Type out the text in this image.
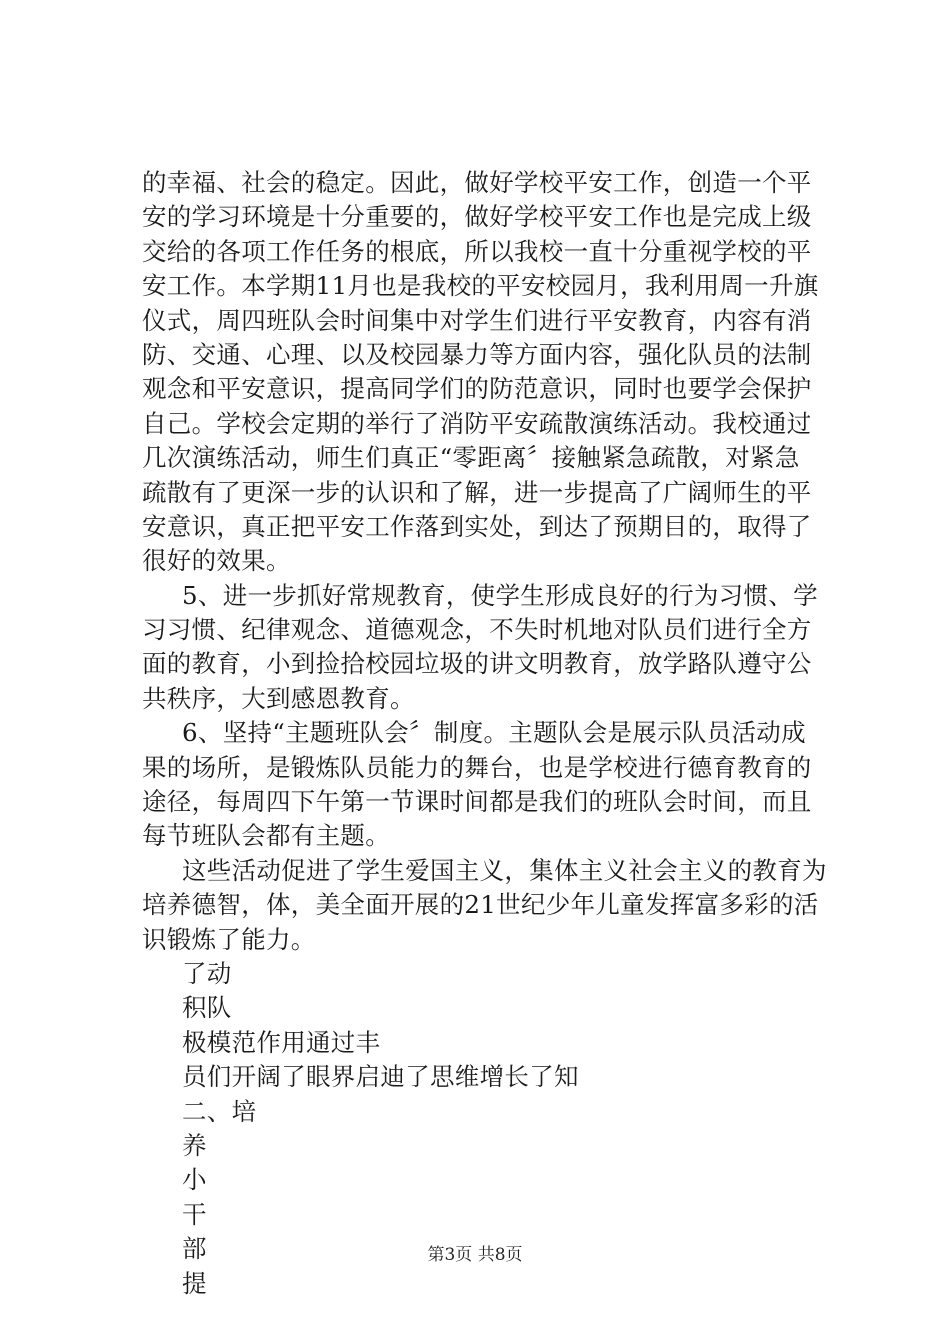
的幸福、社会的稳定。因此，做好学校平安工作，创造一个平
安的学习环境是十分重要的，做好学校平安工作也是完成上级
交给的各项工作任务的根底，所以我校一直十分重视学校的平
安工作。本学期11月也是我校的平安校园月，我利用周一升旗
仪式，周四班队会时间集中对学生们进行平安教育，内容有消
防、交通、心理、以及校园暴力等方面内容，强化队员的法制
观念和平安意识，提高同学们的防范意识，同时也要学会保护
自己。学校会定期的举行了消防平安疏散演练活动。我校通过
几次演练活动，师生们真正“零距离〞接触紧急疏散，对紧急
疏散有了更深一步的认识和了解，进一步提高了广阔师生的平
安意识，真正把平安工作落到实处，到达了预期目的，取得了
很好的效果。
5、进一步抓好常规教育，使学生形成良好的行为习惯、学
习习惯、纪律观念、道德观念，不失时机地对队员们进行全方
面的教育，小到捡拾校园垃圾的讲文明教育，放学路队遵守公
共秩序，大到感恩教育。
6、坚持“主题班队会〞制度。主题队会是展示队员活动成
果的场所，是锻炼队员能力的舞台，也是学校进行德育教育的
途径，每周四下午第一节课时间都是我们的班队会时间，而且
每节班队会都有主题。
这些活动促进了学生爱国主义，集体主义社会主义的教育为
培养德智，体，美全面开展的21世纪少年儿童发挥富多彩的活
识锻炼了能力。
了动
积队
极模范作用通过丰
员们开阔了眼界启迪了思维增长了知
二、培
养
小
干
部
提
第3页 共8页
